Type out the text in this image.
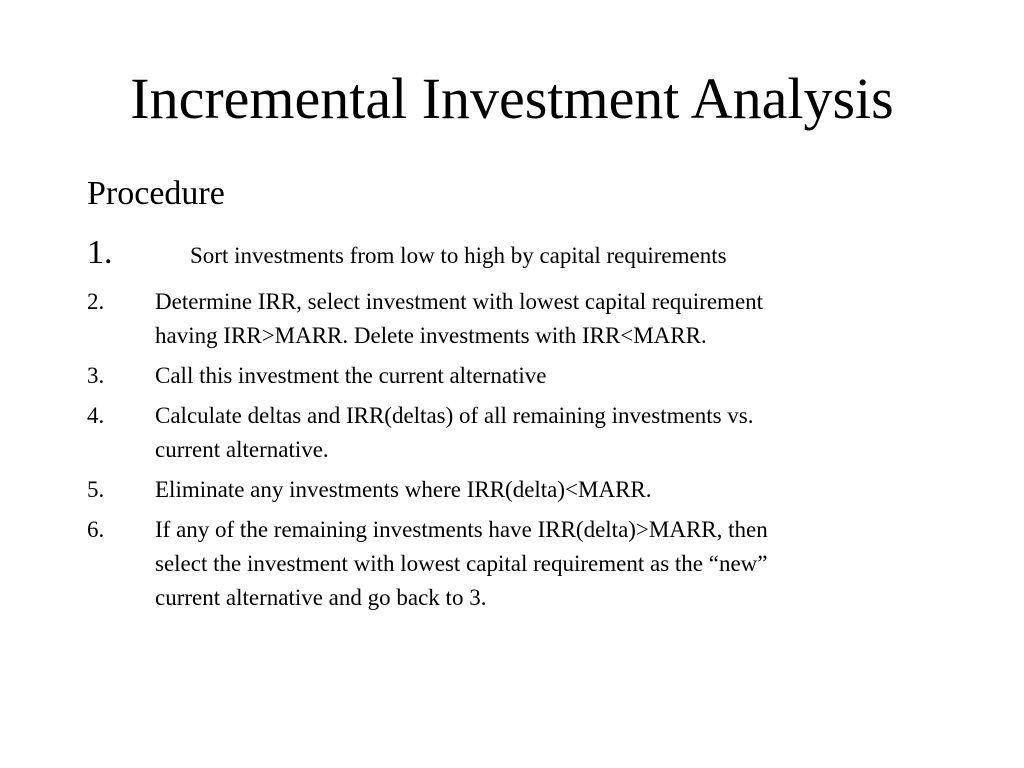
Incremental Investment Analysis
Procedure
1.	Sort investments from low to high by capital requirements
2. Determine IRR, select investment with lowest capital requirement
having IRR>MARR. Delete investments with IRR<MARR.
3. Call this investment the current alternative
4. Calculate deltas and IRR(deltas) of all remaining investments vs.
current alternative.
5. Eliminate any investments where IRR(delta)<MARR.
6. If any of the remaining investments have IRR(delta)>MARR, then
select the investment with lowest capital requirement as the “new”
current alternative and go back to 3.
